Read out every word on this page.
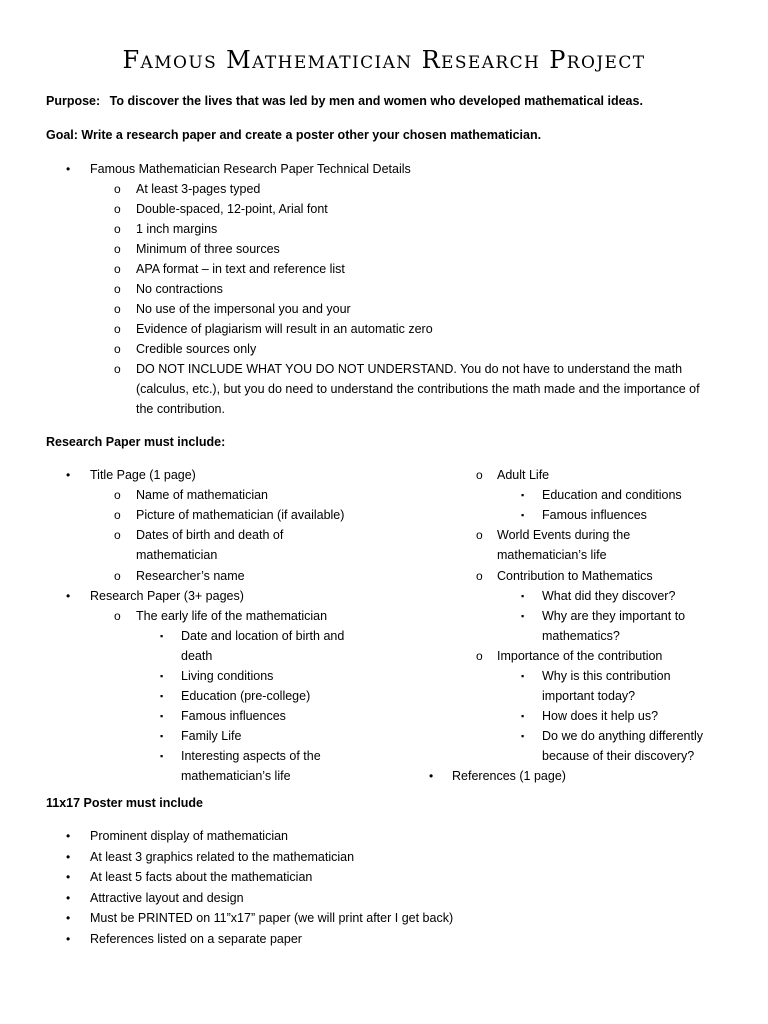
Famous Mathematician Research Project
Purpose: To discover the lives that was led by men and women who developed mathematical ideas.
Goal: Write a research paper and create a poster other your chosen mathematician.
• Famous Mathematician Research Paper Technical Details
o At least 3-pages typed
o Double-spaced, 12-point, Arial font
o 1 inch margins
o Minimum of three sources
o APA format – in text and reference list
o No contractions
o No use of the impersonal you and your
o Evidence of plagiarism will result in an automatic zero
o Credible sources only
o DO NOT INCLUDE WHAT YOU DO NOT UNDERSTAND. You do not have to understand the math
(calculus, etc.), but you do need to understand the contributions the math made and the importance of
the contribution.
Research Paper must include:
• Title Page (1 page)
o Name of mathematician
o Picture of mathematician (if available)
o Dates of birth and death of
mathematician
o Researcher’s name
• Research Paper (3+ pages)
o The early life of the mathematician
▪ Date and location of birth and
death
▪ Living conditions
▪ Education (pre-college)
▪ Famous influences
▪ Family Life
▪ Interesting aspects of the
mathematician’s life
o Adult Life
▪ Education and conditions
▪ Famous influences
o World Events during the
mathematician’s life
o Contribution to Mathematics
▪ What did they discover?
▪ Why are they important to
mathematics?
o Importance of the contribution
▪ Why is this contribution
important today?
▪ How does it help us?
▪ Do we do anything differently
because of their discovery?
• References (1 page)
11x17 Poster must include
• Prominent display of mathematician
• At least 3 graphics related to the mathematician
• At least 5 facts about the mathematician
• Attractive layout and design
• Must be PRINTED on 11”x17” paper (we will print after I get back)
• References listed on a separate paper
